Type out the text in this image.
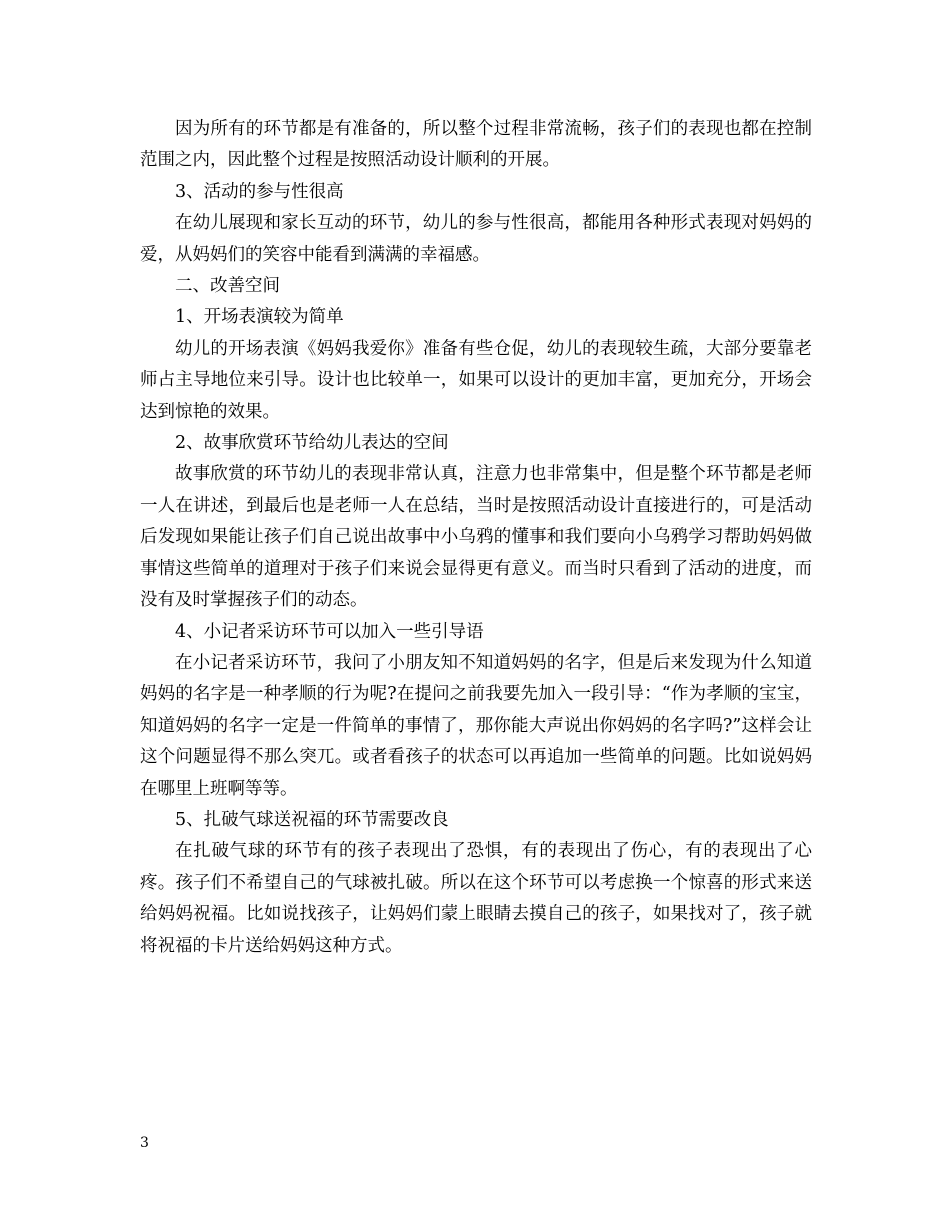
因为所有的环节都是有准备的，所以整个过程非常流畅，孩子们的表现也都在控制范围之内，因此整个过程是按照活动设计顺利的开展。

3、活动的参与性很高

在幼儿展现和家长互动的环节，幼儿的参与性很高，都能用各种形式表现对妈妈的爱，从妈妈们的笑容中能看到满满的幸福感。

二、改善空间

1、开场表演较为简单

幼儿的开场表演《妈妈我爱你》准备有些仓促，幼儿的表现较生疏，大部分要靠老师占主导地位来引导。设计也比较单一，如果可以设计的更加丰富，更加充分，开场会达到惊艳的效果。

2、故事欣赏环节给幼儿表达的空间

故事欣赏的环节幼儿的表现非常认真，注意力也非常集中，但是整个环节都是老师一人在讲述，到最后也是老师一人在总结，当时是按照活动设计直接进行的，可是活动后发现如果能让孩子们自己说出故事中小乌鸦的懂事和我们要向小乌鸦学习帮助妈妈做事情这些简单的道理对于孩子们来说会显得更有意义。而当时只看到了活动的进度，而没有及时掌握孩子们的动态。

4、小记者采访环节可以加入一些引导语

在小记者采访环节，我问了小朋友知不知道妈妈的名字，但是后来发现为什么知道妈妈的名字是一种孝顺的行为呢?在提问之前我要先加入一段引导：“作为孝顺的宝宝，知道妈妈的名字一定是一件简单的事情了，那你能大声说出你妈妈的名字吗?”这样会让这个问题显得不那么突兀。或者看孩子的状态可以再追加一些简单的问题。比如说妈妈在哪里上班啊等等。

5、扎破气球送祝福的环节需要改良

在扎破气球的环节有的孩子表现出了恐惧，有的表现出了伤心，有的表现出了心疼。孩子们不希望自己的气球被扎破。所以在这个环节可以考虑换一个惊喜的形式来送给妈妈祝福。比如说找孩子，让妈妈们蒙上眼睛去摸自己的孩子，如果找对了，孩子就将祝福的卡片送给妈妈这种方式。

3
